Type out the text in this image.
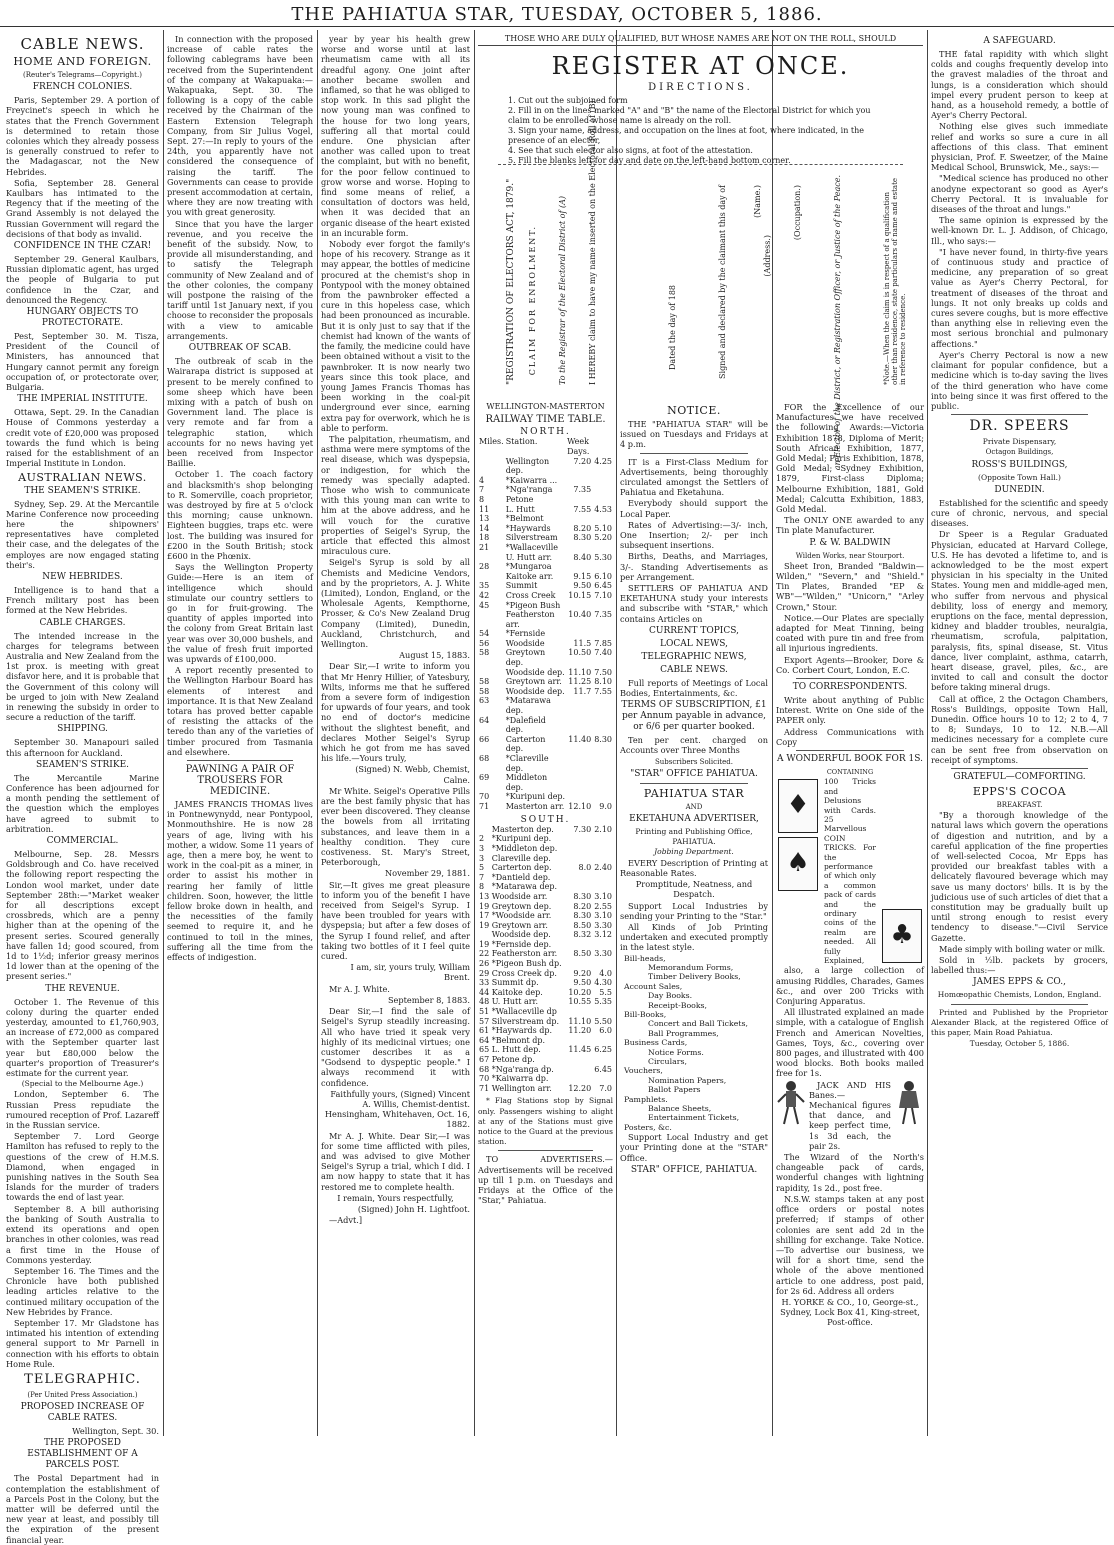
THE PAHIATUA STAR, TUESDAY, OCTOBER 5, 1886.
CABLE NEWS.
HOME AND FOREIGN.
(Reuter's Telegrams—Copyright.)
FRENCH COLONIES.

Paris, September 29. A portion of Freycinet's speech in which he states that the French Government is determined to retain those colonies which they already possess is generally construed to refer to the Madagascar, not the New Hebrides.

Sofia, September 28. General Kaulbars has intimated to the Regency that if the meeting of the Grand Assembly is not delayed the Russian Government will regard the decisions of that body as invalid.

CONFIDENCE IN THE CZAR!

September 29. General Kaulbars, Russian diplomatic agent, has urged the people of Bulgaria to put confidence in the Czar, and denounced the Regency.

HUNGARY OBJECTS TO PROTECTORATE.

Pest, September 30. M. Tisza, President of the Council of Ministers, has announced that Hungary cannot permit any foreign occupation of, or protectorate over, Bulgaria.

THE IMPERIAL INSTITUTE.

Ottawa, Sept. 29. In the Canadian House of Commons yesterday a credit vote of £20,000 was proposed towards the fund which is being raised for the establishment of an Imperial Institute in London.

AUSTRALIAN NEWS.
THE SEAMEN'S STRIKE.

Sydney, Sep. 29. At the Mercantile Marine Conference now proceeding here the shipowners' representatives have completed their case, and the delegates of the employes are now engaged stating their's.

NEW HEBRIDES.

Intelligence is to hand that a French military post has been formed at the New Hebrides.

CABLE CHARGES.

The intended increase in the charges for telegrams between Australia and New Zealand from the 1st prox. is meeting with great disfavor here, and it is probable that the Government of this colony will be urged to join with New Zealand in renewing the subsidy in order to secure a reduction of the tariff.

SHIPPING.

September 30. Manapouri sailed this afternoon for Auckland.

SEAMEN'S STRIKE.

The Mercantile Marine Conference has been adjourned for a month pending the settlement of the question which the employes have agreed to submit to arbitration.

COMMERCIAL.

Melbourne, Sep. 28. Messrs Goldsbrough and Co. have received the following report respecting the London wool market, under date September 28th:—"Market weaker for all descriptions except crossbreds, which are a penny higher than at the opening of the present series. Scoured generally have fallen 1d; good scoured, from 1d to 1½d; inferior greasy merinos 1d lower than at the opening of the present series."

THE REVENUE.

October 1. The Revenue of this colony during the quarter ended yesterday, amounted to £1,760,903, an increase of £72,000 as compared with the September quarter last year but £80,000 below the quarter's proportion of Treasurer's estimate for the current year.

(Special to the Melbourne Age.)

London, September 6. The Russian Press repudiate the rumoured reception of Prof. Lazareff in the Russian service.

September 7. Lord George Hamilton has refused to reply to the questions of the crew of H.M.S. Diamond, when engaged in punishing natives in the South Sea Islands for the murder of traders towards the end of last year.

September 8. A bill authorising the banking of South Australia to extend its operations and open branches in other colonies, was read a first time in the House of Commons yesterday.

September 16. The Times and the Chronicle have both published leading articles relative to the continued military occupation of the New Hebrides by France.

September 17. Mr Gladstone has intimated his intention of extending general support to Mr Parnell in connection with his efforts to obtain Home Rule.

TELEGRAPHIC.
(Per United Press Association.)
PROPOSED INCREASE OF CABLE RATES.

Wellington, Sept. 30.

THE PROPOSED ESTABLISHMENT OF A PARCELS POST.

The Postal Department had in contemplation the establishment of a Parcels Post in the Colony, but the matter will be deferred until the new year at least, and possibly till the expiration of the present financial year.

In connection with the proposed increase of cable rates the following cablegrams have been received from the Superintendent of the company at Wakapuaka:—Wakapuaka, Sept. 30. The following is a copy of the cable received by the Chairman of the Eastern Extension Telegraph Company, from Sir Julius Vogel, Sept. 27:—In reply to yours of the 24th, you apparently have not considered the consequence of raising the tariff. The Governments can cease to provide present accommodation at certain, where they are now treating with you with great generosity.

Since that you have the larger revenue, and you receive the benefit of the subsidy. Now, to provide all misunderstanding, and to satisfy the Telegraph community of New Zealand and of the other colonies, the company will postpone the raising of the tariff until 1st January next, if you choose to reconsider the proposals with a view to amicable arrangements.

OUTBREAK OF SCAB.

The outbreak of scab in the Wairarapa district is supposed at present to be merely confined to some sheep which have been mixing with a patch of bush on Government land. The place is very remote and far from a telegraphic station, which accounts for no news having yet been received from Inspector Baillie.

October 1. The coach factory and blacksmith's shop belonging to R. Somerville, coach proprietor, was destroyed by fire at 5 o'clock this morning; cause unknown. Eighteen buggies, traps etc. were lost. The building was insured for £200 in the South British; stock £600 in the Phœnix.

Says the Wellington Property Guide:—Here is an item of intelligence which should stimulate our country settlers to go in for fruit-growing. The quantity of apples imported into the colony from Great Britain last year was over 30,000 bushels, and the value of fresh fruit imported was upwards of £100,000.

A report recently presented to the Wellington Harbour Board has elements of interest and importance. It is that New Zealand totara has proved better capable of resisting the attacks of the teredo than any of the varieties of timber procured from Tasmania and elsewhere.

PAWNING A PAIR OF TROUSERS FOR MEDICINE.

JAMES FRANCIS THOMAS lives in Pontnewynydd, near Pontypool, Monmouthshire. He is now 28 years of age, living with his mother, a widow. Some 11 years of age, then a mere boy, he went to work in the coal-pit as a miner, in order to assist his mother in rearing her family of little children. Soon, however, the little fellow broke down in health, and the necessities of the family seemed to require it, and he continued to toil in the mines, suffering all the time from the effects of indigestion.

year by year his health grew worse and worse until at last rheumatism came with all its dreadful agony. One joint after another became swollen and inflamed, so that he was obliged to stop work. In this sad plight the now young man was confined to the house for two long years, suffering all that mortal could endure. One physician after another was called upon to treat the complaint, but with no benefit, for the poor fellow continued to grow worse and worse. Hoping to find some means of relief, a consultation of doctors was held, when it was decided that an organic disease of the heart existed in an incurable form.

Nobody ever forgot the family's hope of his recovery. Strange as it may appear, the bottles of medicine procured at the chemist's shop in Pontypool with the money obtained from the pawnbroker effected a cure in this hopeless case, which had been pronounced as incurable. But it is only just to say that if the chemist had known of the wants of the family, the medicine could have been obtained without a visit to the pawnbroker. It is now nearly two years since this took place, and young James Francis Thomas has been working in the coal-pit underground ever since, earning extra pay for overwork, which he is able to perform.

The palpitation, rheumatism, and asthma were mere symptoms of the real disease, which was dyspepsia, or indigestion, for which the remedy was specially adapted. Those who wish to communicate with this young man can write to him at the above address, and he will vouch for the curative properties of Seigel's Syrup, the article that effected this almost miraculous cure.

Seigel's Syrup is sold by all Chemists and Medicine Vendors, and by the proprietors, A. J. White (Limited), London, England, or the Wholesale Agents, Kempthorne, Prosser, & Co's New Zealand Drug Company (Limited), Dunedin, Auckland, Christchurch, and Wellington.

August 15, 1883.

Dear Sir,—I write to inform you that Mr Henry Hillier, of Yatesbury, Wilts, informs me that he suffered from a severe form of indigestion for upwards of four years, and took no end of doctor's medicine without the slightest benefit, and declares Mother Seigel's Syrup which he got from me has saved his life.—Yours truly,

(Signed) N. Webb, Chemist, Calne.

Mr White. Seigel's Operative Pills are the best family physic that has ever been discovered. They cleanse the bowels from all irritating substances, and leave them in a healthy condition. They cure costiveness. St. Mary's Street, Peterborough,

November 29, 1881.

Sir,—It gives me great pleasure to inform you of the benefit I have received from Seigel's Syrup. I have been troubled for years with dyspepsia; but after a few doses of the Syrup I found relief, and after taking two bottles of it I feel quite cured.

I am, sir, yours truly, William Brent.

Mr A. J. White.

September 8, 1883.

Dear Sir,—I find the sale of Seigel's Syrup steadily increasing. All who have tried it speak very highly of its medicinal virtues; one customer describes it as a "Godsend to dyspeptic people." I always recommend it with confidence.

Faithfully yours, (Signed) Vincent A. Willis, Chemist-dentist. Hensingham, Whitehaven, Oct. 16, 1882.

Mr A. J. White. Dear Sir,—I was for some time afflicted with piles, and was advised to give Mother Seigel's Syrup a trial, which I did. I am now happy to state that it has restored me to complete health.

I remain, Yours respectfully,

(Signed) John H. Lightfoot.

—Advt.]

THOSE WHO ARE DULY QUALIFIED, BUT WHOSE NAMES ARE NOT ON THE ROLL, SHOULD
REGISTER AT ONCE.
DIRECTIONS.
1. Cut out the subjoined form
2. Fill in on the lines marked "A" and "B" the name of the Electoral District for which you claim to be enrolled-whose name is already on the roll.
3. Sign your name, address, and occupation on the lines at foot, where indicated, in the presence of an elector,
4. See that such elector also signs, at foot of the attestation.
5. Fill the blanks left for day and date on the left-hand bottom corner.
"REGISTRATION OF ELECTORS ACT, 1879." CLAIM FOR ENROLMENT.	To the Registrar of the Electoral District of (A)	I HEREBY claim to have my name inserted on the Electoral Roll of (B)	Dated the day of 188	Signed and declared by the claimant this day of	(Name.)
(Address.)
(Occupation.)	an Elector of the District, or Registration Officer, or Justice of the Peace.	*Note.—When the claim is in respect of a qualification other than residence, state particulars of name and estate in reference to residence.
WELLINGTON-MASTERTON
RAILWAY TIME TABLE.
NORTH.
Miles.	Station.	Week Days.	
	Wellington dep.	7.20	4.25
4	*Kaiwarra ...		
7	*Nga'ranga	7.35	
8	Petone		
11	L. Hutt	7.55	4.53
13	*Belmont		
14	*Haywards	8.20	5.10
18	Silverstream	8.30	5.20
21	*Wallaceville		
	U. Hutt arr.	8.40	5.30
28	*Mungaroa		
	Kaitoke arr.	9.15	6.10
35	Summit	9.50	6.45
42	Cross Creek	10.15	7.10
45	*Pigeon Bush		
	Featherston arr.	10.40	7.35
54	*Fernside		
56	Woodside	11.5	7.85
58	Greytown dep.	10.50	7.40
	Woodside dep.	11.10	7.50
58	Greytown arr.	11.25	8.10
58	Woodside dep.	11.7	7.55
63	*Matarawa dep.		
64	*Dalefield dep.		
66	Carterton dep.	11.40	8.30
68	*Clareville dep.		
69	Middleton dep.		
70	*Kuripuni dep.		
71	Masterton arr.	12.10	9.0
SOUTH.
	Masterton dep.	7.30	2.10
2	*Kuripuni dep.		
3	*Middleton dep.		
3	Clareville dep.		
5	Carterton dep.	8.0	2.40
7	*Dantield dep.		
8	*Matarawa dep.		
13	Woodside arr.	8.30	3.10
19	Greytown dep.	8.20	2.55
17	*Woodside arr.	8.30	3.10
19	Greytown arr.	8.50	3.30
	Woodside dep.	8.32	3.12
19	*Fernside dep.		
22	Featherston arr.	8.50	3.30
26	*Pigeon Bush dp.		
29	Cross Creek dp.	9.20	4.0
33	Summit dp.	9.50	4.30
44	Kaitoke dep.	10.20	5.5
48	U. Hutt arr.	10.55	5.35
51	*Wallaceville dp		
57	Silverstream dp.	11.10	5.50
61	*Haywards dp.	11.20	6.0
64	*Belmont dp.		
65	L. Hutt dep.	11.45	6.25
67	Petone dp.		
68	*Nga'ranga dp.		6.45
70	*Kaiwarra dp.		
71	Wellington arr.	12.20	7.0

* Flag Stations stop by Signal only. Passengers wishing to alight at any of the Stations must give notice to the Guard at the previous station.

TO ADVERTISERS.—Advertisements will be received up till 1 p.m. on Tuesdays and Fridays at the Office of the "Star," Pahiatua.

NOTICE.

THE "PAHIATUA STAR" will be issued on Tuesdays and Fridays at 4 p.m.

IT is a First-Class Medium for Advertisements, being thoroughly circulated amongst the Settlers of Pahiatua and Eketahuna.

Everybody should support the Local Paper.

Rates of Advertising:—3/- inch, One Insertion; 2/- per inch subsequent insertions.

Births, Deaths, and Marriages, 3/-. Standing Advertisements as per Arrangement.

SETTLERS OF PAHIATUA AND EKETAHUNA study your interests and subscribe with "STAR," which contains Articles on

CURRENT TOPICS,
LOCAL NEWS,
TELEGRAPHIC NEWS,
CABLE NEWS.

Full reports of Meetings of Local Bodies, Entertainments, &c.

TERMS OF SUBSCRIPTION, £1 per Annum payable in advance, or 6/6 per quarter booked.

Ten per cent. charged on Accounts over Three Months

Subscribers Solicited.

"STAR" OFFICE PAHIATUA.
PAHIATUA STAR
AND
EKETAHUNA ADVERTISER,
Printing and Publishing Office, PAHIATUA.
Jobbing Department.

EVERY Description of Printing at Reasonable Rates.

Promptitude, Neatness, and Despatch.

Support Local Industries by sending your Printing to the "Star."

All Kinds of Job Printing undertaken and executed promptly in the latest style.

Bill-heads,
Memorandum Forms,
Timber Delivery Books,
Account Sales,
Day Books.
Receipt-Books,
Bill-Books,
Concert and Ball Tickets,
Ball Programmes,
Business Cards,
Notice Forms.
Circulars,
Vouchers,
Nomination Papers,
Ballot Papers
Pamphlets.
Balance Sheets,
Entertainment Tickets,
Posters, &c.

Support Local Industry and get your Printing done at the "STAR" Office.

STAR" OFFICE, PAHIATUA.

FOR the Excellence of our Manufactures we have received the following Awards:—Victoria Exhibition 1878, Diploma of Merit; South African Exhibition, 1877, Gold Medal; Paris Exhibition, 1878, Gold Medal; Sydney Exhibition, 1879, First-class Diploma; Melbourne Exhibition, 1881, Gold Medal; Calcutta Exhibition, 1883, Gold Medal.

The ONLY ONE awarded to any Tin plate Manufacturer.

P. & W. BALDWIN
Wilden Works, near Stourport.

Sheet Iron, Branded "Baldwin—Wilden," "Severn," and "Shield." Tin Plates, Branded "EP & WB"—"Wilden," "Unicorn," "Arley Crown," Stour.

Notice.—Our Plates are specially adapted for Meat Tinning, being coated with pure tin and free from all injurious ingredients.

Export Agents—Brooker, Dore & Co. Corbert Court, London, E.C.

TO CORRESPONDENTS.

Write about anything of Public Interest. Write on One side of the PAPER only.

Address Communications with Copy

A WONDERFUL BOOK FOR 1S.
CONTAINING
♦
♠
100 Tricks and Delusions with Cards. 25 Marvellous COIN TRICKS. For the performance of which only a common pack of cards and the ordinary coins of the realm are needed. All fully Explained,
♣

also, a large collection of amusing Riddles, Charades, Games &c., and over 200 Tricks with Conjuring Apparatus.

All illustrated explained an made simple, with a catalogue of English French and American Novelties, Games, Toys, &c., covering over 800 pages, and illustrated with 400 wood blocks. Both books mailed free for 1s.

JACK AND HIS Banes.—Mechanical figures that dance, and keep perfect time, 1s 3d each, the pair 2s.

The Wizard of the North's changeable pack of cards, wonderful changes with lightning rapidity, 1s 2d., post free.

N.S.W. stamps taken at any post office orders or postal notes preferred; if stamps of other colonies are sent add 2d in the shilling for exchange. Take Notice.—To advertise our business, we will for a short time, send the whole of the above mentioned article to one address, post paid, for 2s 6d. Address all orders

H. YORKE & CO., 10, George-st., Sydney, Lock Box 41, King-street, Post-office.

A SAFEGUARD.

THE fatal rapidity with which slight colds and coughs frequently develop into the gravest maladies of the throat and lungs, is a consideration which should impel every prudent person to keep at hand, as a household remedy, a bottle of Ayer's Cherry Pectoral.

Nothing else gives such immediate relief and works so sure a cure in all affections of this class. That eminent physician, Prof. F. Sweetzer, of the Maine Medical School, Brunswick, Me., says:—

"Medical science has produced no other anodyne expectorant so good as Ayer's Cherry Pectoral. It is invaluable for diseases of the throat and lungs."

The same opinion is expressed by the well-known Dr. L. J. Addison, of Chicago, Ill., who says:—

"I have never found, in thirty-five years of continuous study and practice of medicine, any preparation of so great value as Ayer's Cherry Pectoral, for treatment of diseases of the throat and lungs. It not only breaks up colds and cures severe coughs, but is more effective than anything else in relieving even the most serious bronchial and pulmonary affections."

Ayer's Cherry Pectoral is now a new claimant for popular confidence, but a medicine which is to-day saving the lives of the third generation who have come into being since it was first offered to the public.

DR. SPEERS
Private Dispensary,
Octagon Buildings,
ROSS'S BUILDINGS,
(Opposite Town Hall.)
DUNEDIN.

Established for the scientific and speedy cure of chronic, nervous, and special diseases.

Dr Speer is a Regular Graduated Physician, educated at Harvard College, U.S. He has devoted a lifetime to, and is acknowledged to be the most expert physician in his specialty in the United States. Young men and middle-aged men, who suffer from nervous and physical debility, loss of energy and memory, eruptions on the face, mental depression, kidney and bladder troubles, neuralgia, rheumatism, scrofula, palpitation, paralysis, fits, spinal disease, St. Vitus dance, liver complaint, asthma, catarrh, heart disease, gravel, piles, &c., are invited to call and consult the doctor before taking mineral drugs.

Call at office, 2 the Octagon Chambers, Ross's Buildings, opposite Town Hall, Dunedin. Office hours 10 to 12; 2 to 4, 7 to 8; Sundays, 10 to 12. N.B.—All medicines necessary for a complete cure can be sent free from observation on receipt of symptoms.

GRATEFUL—COMFORTING.
EPPS'S COCOA
BREAKFAST.

"By a thorough knowledge of the natural laws which govern the operations of digestion and nutrition, and by a careful application of the fine properties of well-selected Cocoa, Mr Epps has provided our breakfast tables with a delicately flavoured beverage which may save us many doctors' bills. It is by the judicious use of such articles of diet that a constitution may be gradually built up until strong enough to resist every tendency to disease."—Civil Service Gazette.

Made simply with boiling water or milk.

Sold in ½lb. packets by grocers, labelled thus:—

JAMES EPPS & CO.,
Homœopathic Chemists, London, England.

Printed and Published by the Proprietor Alexander Black, at the registered Office of this paper, Main Road Pahiatua.

Tuesday, October 5, 1886.
